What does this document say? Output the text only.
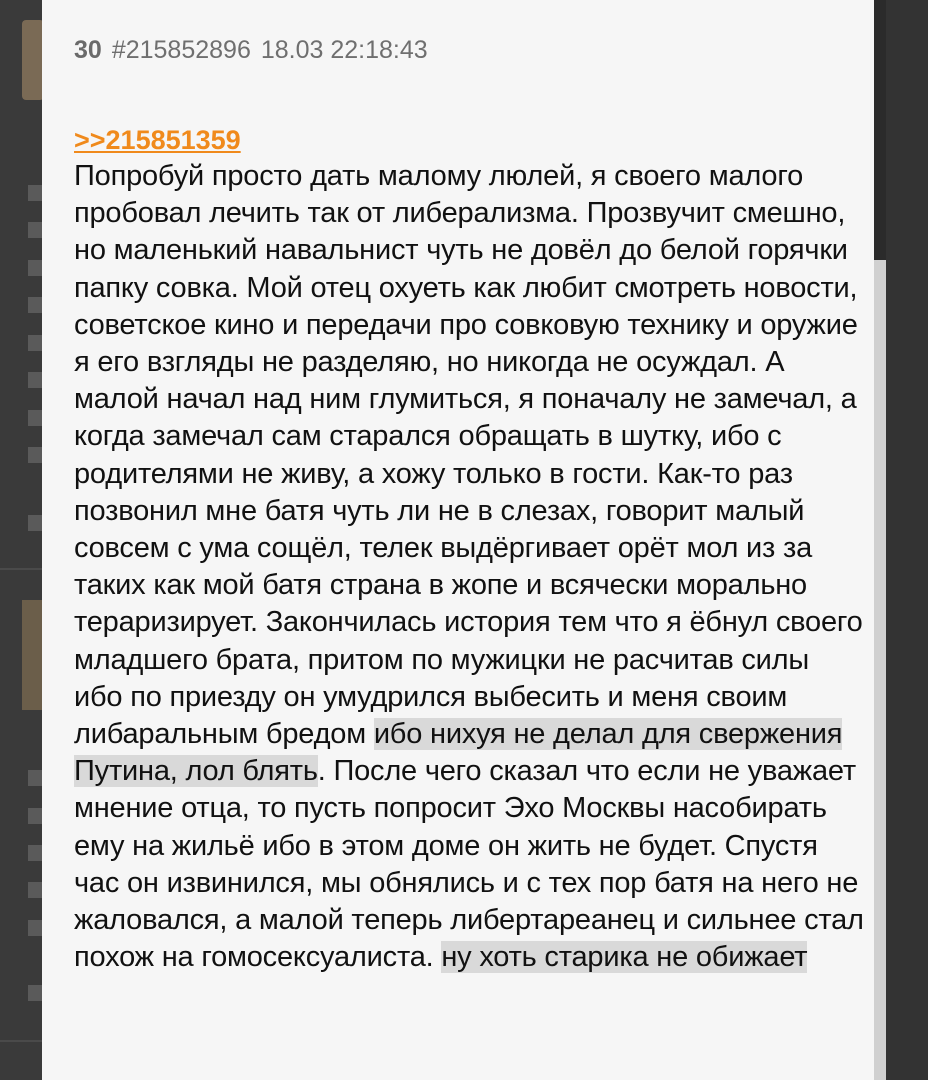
30 #215852896 18.03 22:18:43
>>215851359

Попробуй просто дать малому люлей, я своего малого пробовал лечить так от либерализма. Прозвучит смешно, но маленький навальнист чуть не довёл до белой горячки папку совка. Мой отец охуеть как любит смотреть новости, советское кино и передачи про совковую технику и оружие я его взгляды не разделяю, но никогда не осуждал. А малой начал над ним глумиться, я поначалу не замечал, а когда замечал сам старался обращать в шутку, ибо с родителями не живу, а хожу только в гости. Как-то раз позвонил мне батя чуть ли не в слезах, говорит малый совсем с ума сощёл, телек выдёргивает орёт мол из за таких как мой батя страна в жопе и всячески морально тераризирует. Закончилась история тем что я ёбнул своего младшего брата, притом по мужицки не расчитав силы ибо по приезду он умудрился выбесить и меня своим либаральным бредом ибо нихуя не делал для свержения Путина, лол блять. После чего сказал что если не уважает мнение отца, то пусть попросит Эхо Москвы насобирать ему на жильё ибо в этом доме он жить не будет. Спустя час он извинился, мы обнялись и с тех пор батя на него не жаловался, а малой теперь либертареанец и сильнее стал похож на гомосексуалиста. ну хоть старика не обижает
